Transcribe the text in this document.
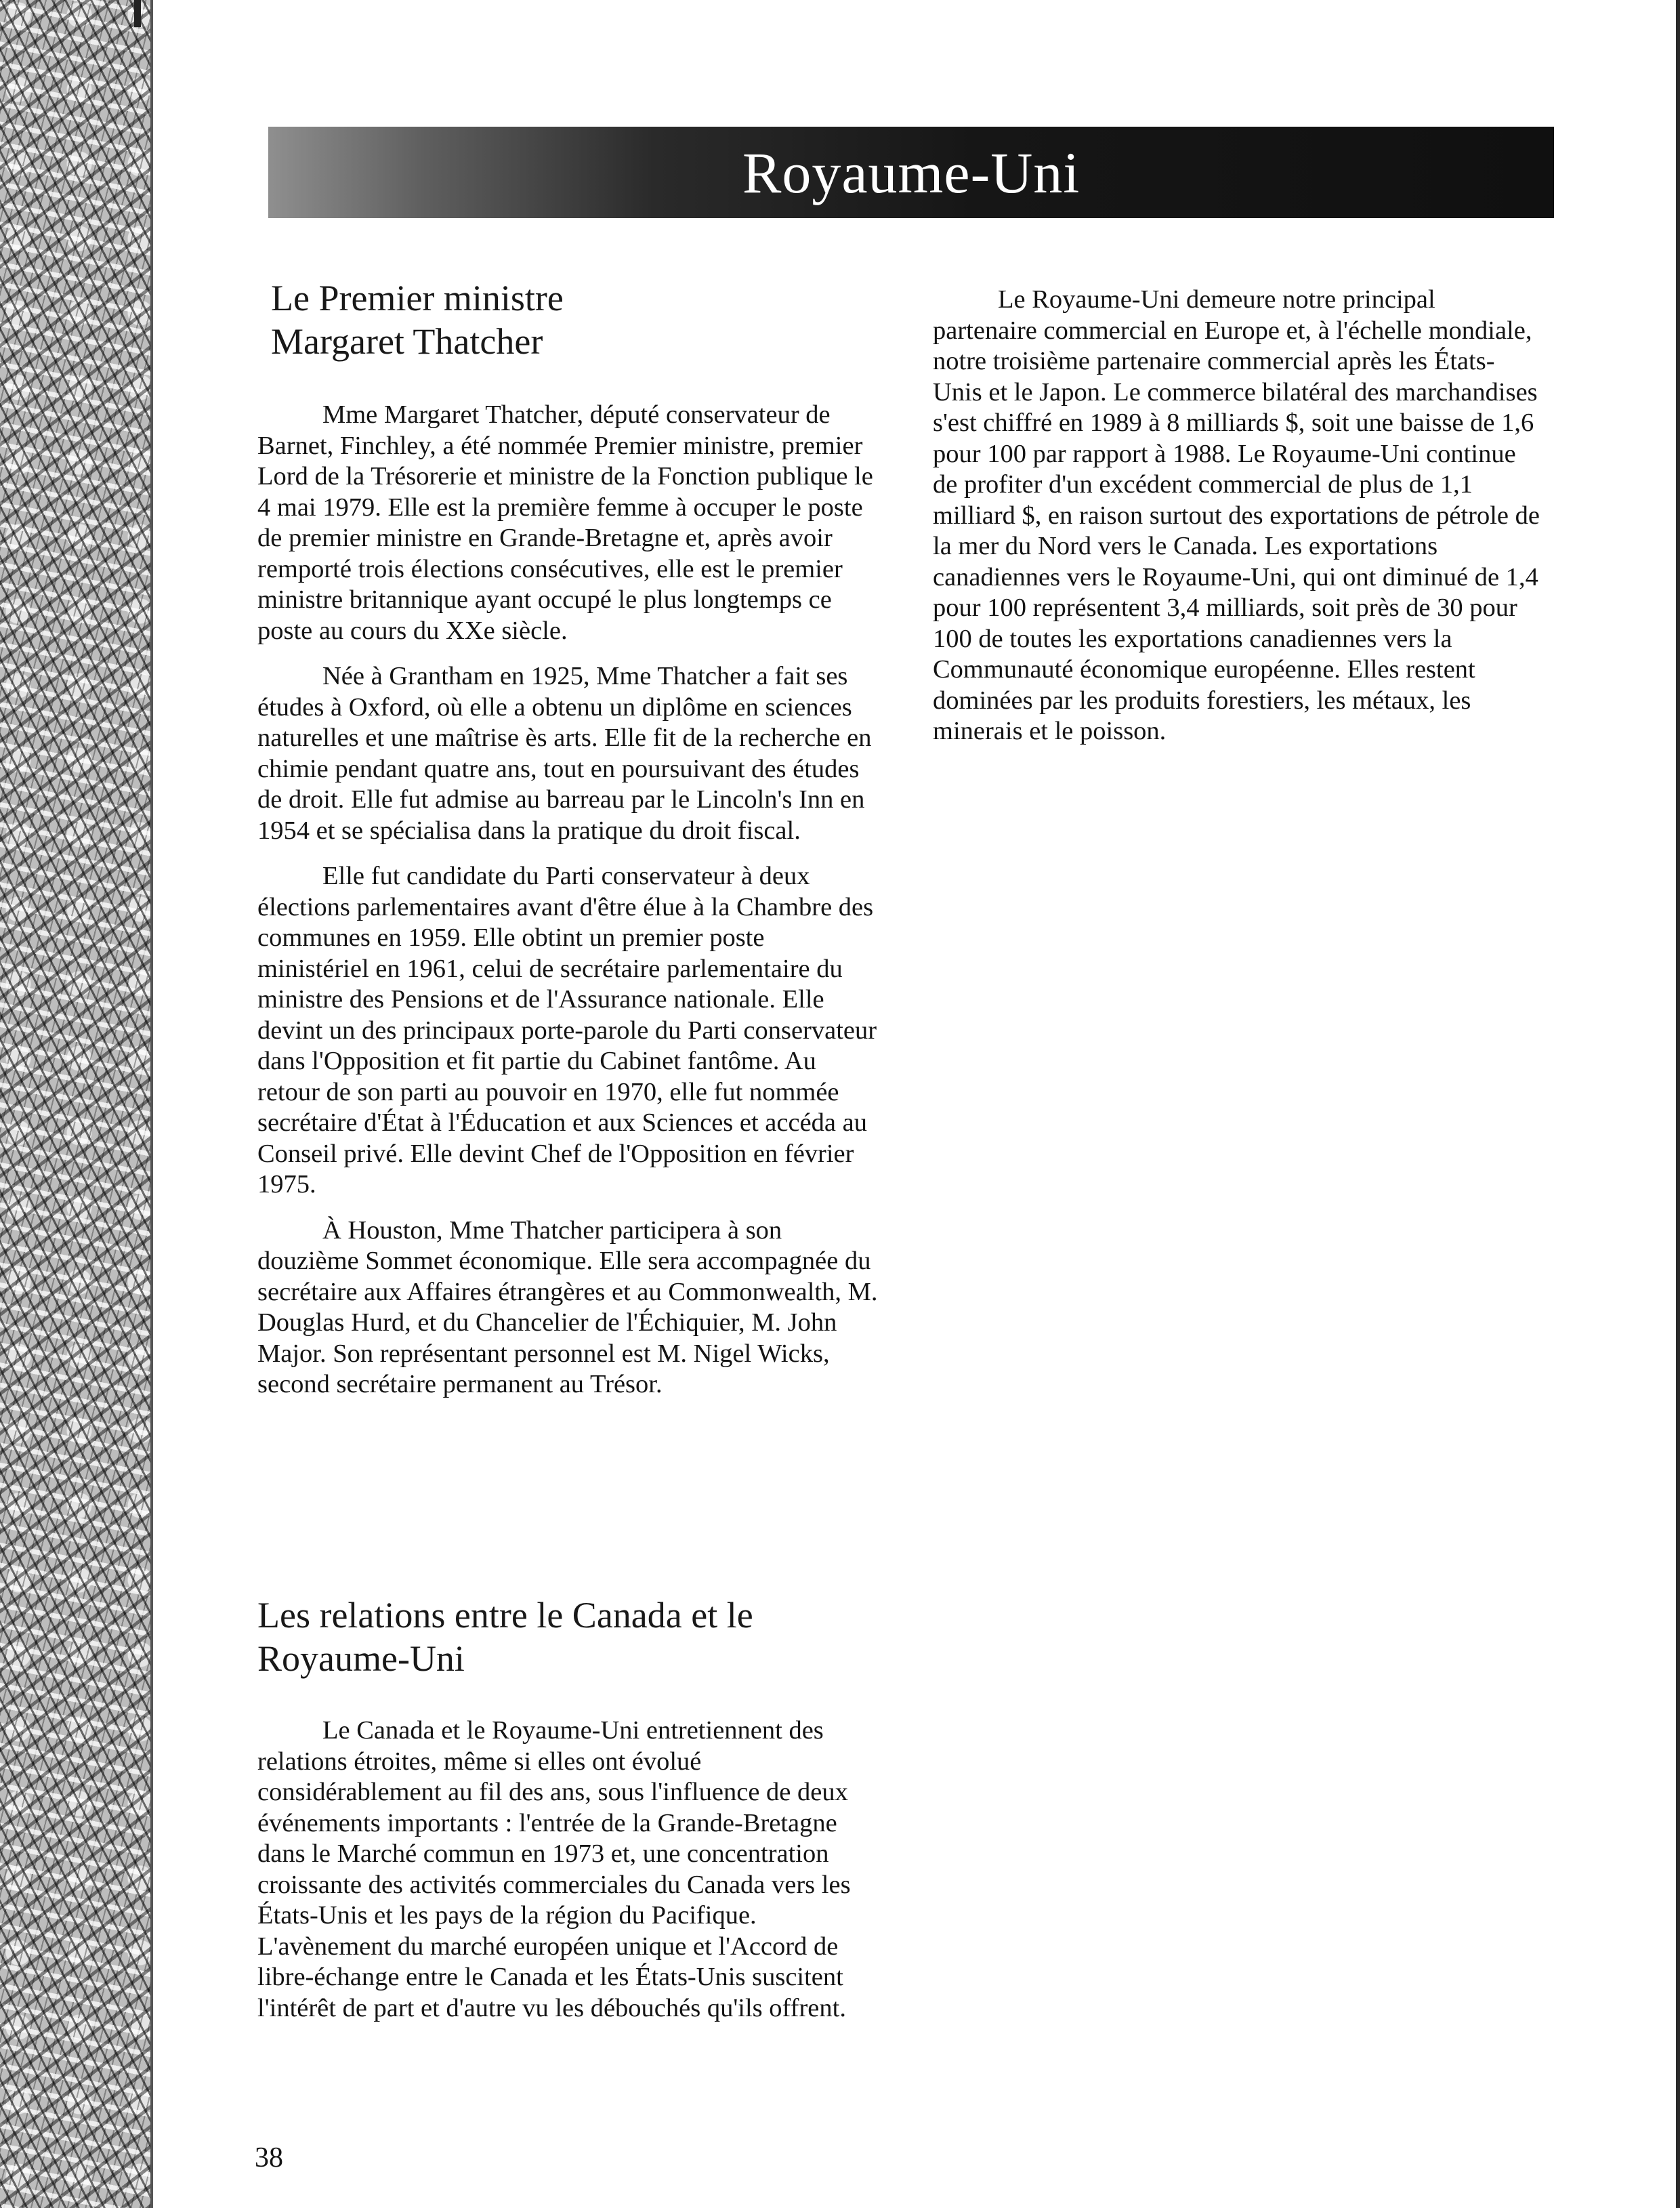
Royaume-Uni
Le Premier ministre
Margaret Thatcher

Mme Margaret Thatcher, député conservateur de Barnet, Finchley, a été nommée Premier ministre, premier Lord de la Trésorerie et ministre de la Fonction publique le 4 mai 1979. Elle est la première femme à occuper le poste de premier ministre en Grande-Bretagne et, après avoir remporté trois élections consécutives, elle est le premier ministre britannique ayant occupé le plus longtemps ce poste au cours du XXe siècle.

Née à Grantham en 1925, Mme Thatcher a fait ses études à Oxford, où elle a obtenu un diplôme en sciences naturelles et une maîtrise ès arts. Elle fit de la recherche en chimie pendant quatre ans, tout en poursuivant des études de droit. Elle fut admise au barreau par le Lincoln's Inn en 1954 et se spécialisa dans la pratique du droit fiscal.

Elle fut candidate du Parti conservateur à deux élections parlementaires avant d'être élue à la Chambre des communes en 1959. Elle obtint un premier poste ministériel en 1961, celui de secrétaire parlementaire du ministre des Pensions et de l'Assurance nationale. Elle devint un des principaux porte-parole du Parti conservateur dans l'Opposition et fit partie du Cabinet fantôme. Au retour de son parti au pouvoir en 1970, elle fut nommée secrétaire d'État à l'Éducation et aux Sciences et accéda au Conseil privé. Elle devint Chef de l'Opposition en février 1975.

À Houston, Mme Thatcher participera à son douzième Sommet économique. Elle sera accompagnée du secrétaire aux Affaires étrangères et au Commonwealth, M. Douglas Hurd, et du Chancelier de l'Échiquier, M. John Major. Son représentant personnel est M. Nigel Wicks, second secrétaire permanent au Trésor.

Les relations entre le Canada et le
Royaume-Uni

Le Canada et le Royaume-Uni entretiennent des relations étroites, même si elles ont évolué considérablement au fil des ans, sous l'influence de deux événements importants : l'entrée de la Grande-Bretagne dans le Marché commun en 1973 et, une concentration croissante des activités commerciales du Canada vers les États-Unis et les pays de la région du Pacifique. L'avènement du marché européen unique et l'Accord de libre-échange entre le Canada et les États-Unis suscitent l'intérêt de part et d'autre vu les débouchés qu'ils offrent.

Le Royaume-Uni demeure notre principal partenaire commercial en Europe et, à l'échelle mondiale, notre troisième partenaire commercial après les États-Unis et le Japon. Le commerce bilatéral des marchandises s'est chiffré en 1989 à 8 milliards $, soit une baisse de 1,6 pour 100 par rapport à 1988. Le Royaume-Uni continue de profiter d'un excédent commercial de plus de 1,1 milliard $, en raison surtout des exportations de pétrole de la mer du Nord vers le Canada. Les exportations canadiennes vers le Royaume-Uni, qui ont diminué de 1,4 pour 100 représentent 3,4 milliards, soit près de 30 pour 100 de toutes les exportations canadiennes vers la Communauté économique européenne. Elles restent dominées par les produits forestiers, les métaux, les minerais et le poisson.

38
